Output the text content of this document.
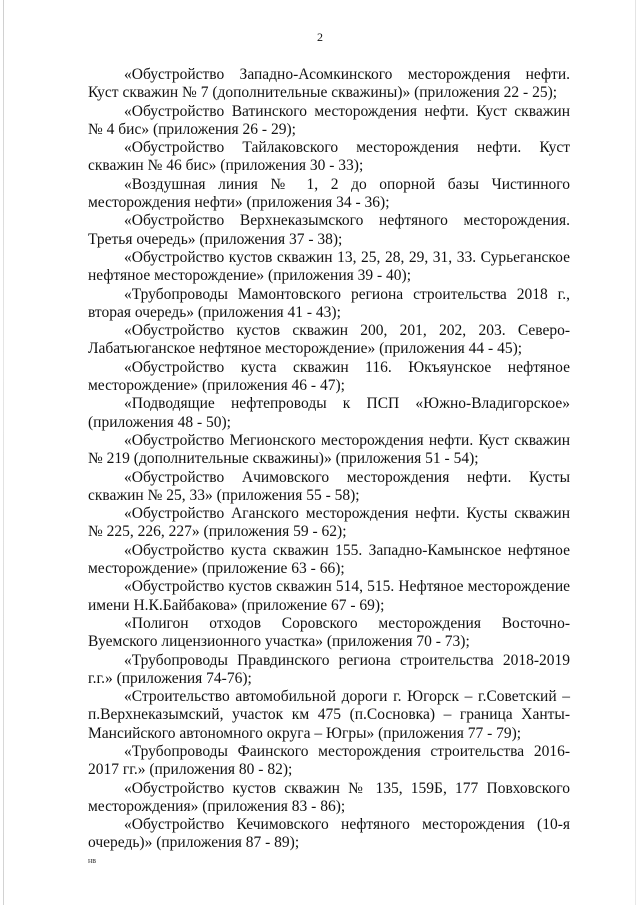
2

«Обустройство Западно-Асомкинского месторождения нефти. Куст скважин № 7 (дополнительные скважины)» (приложения 22 - 25);

«Обустройство Ватинского месторождения нефти. Куст скважин № 4 бис» (приложения 26 - 29);

«Обустройство Тайлаковского месторождения нефти. Куст скважин № 46 бис» (приложения 30 - 33);

«Воздушная линия № 1, 2 до опорной базы Чистинного месторождения нефти» (приложения 34 - 36);

«Обустройство Верхнеказымского нефтяного месторождения. Третья очередь» (приложения 37 - 38);

«Обустройство кустов скважин 13, 25, 28, 29, 31, 33. Сурьеганское нефтяное месторождение» (приложения 39 - 40);

«Трубопроводы Мамонтовского региона строительства 2018 г., вторая очередь» (приложения 41 - 43);

«Обустройство кустов скважин 200, 201, 202, 203. Северо-Лабатьюганское нефтяное месторождение» (приложения 44 - 45);

«Обустройство куста скважин 116. Юкъяунское нефтяное месторождение» (приложения 46 - 47);

«Подводящие нефтепроводы к ПСП «Южно-Владигорское» (приложения 48 - 50);

«Обустройство Мегионского месторождения нефти. Куст скважин № 219 (дополнительные скважины)» (приложения 51 - 54);

«Обустройство Ачимовского месторождения нефти. Кусты скважин № 25, 33» (приложения 55 - 58);

«Обустройство Аганского месторождения нефти. Кусты скважин № 225, 226, 227» (приложения 59 - 62);

«Обустройство куста скважин 155. Западно-Камынское нефтяное месторождение» (приложение 63 - 66);

«Обустройство кустов скважин 514, 515. Нефтяное месторождение имени Н.К.Байбакова» (приложение 67 - 69);

«Полигон отходов Соровского месторождения Восточно-Вуемского лицензионного участка» (приложения 70 - 73);

«Трубопроводы Правдинского региона строительства 2018-2019 г.г.» (приложения 74-76);

«Строительство автомобильной дороги г. Югорск – г.Советский – п.Верхнеказымский, участок км 475 (п.Сосновка) – граница Ханты-Мансийского автономного округа – Югры» (приложения 77 - 79);

«Трубопроводы Фаинского месторождения строительства 2016-2017 гг.» (приложения 80 - 82);

«Обустройство кустов скважин № 135, 159Б, 177 Повховского месторождения» (приложения 83 - 86);

«Обустройство Кечимовского нефтяного месторождения (10-я очередь)» (приложения 87 - 89);

нв
